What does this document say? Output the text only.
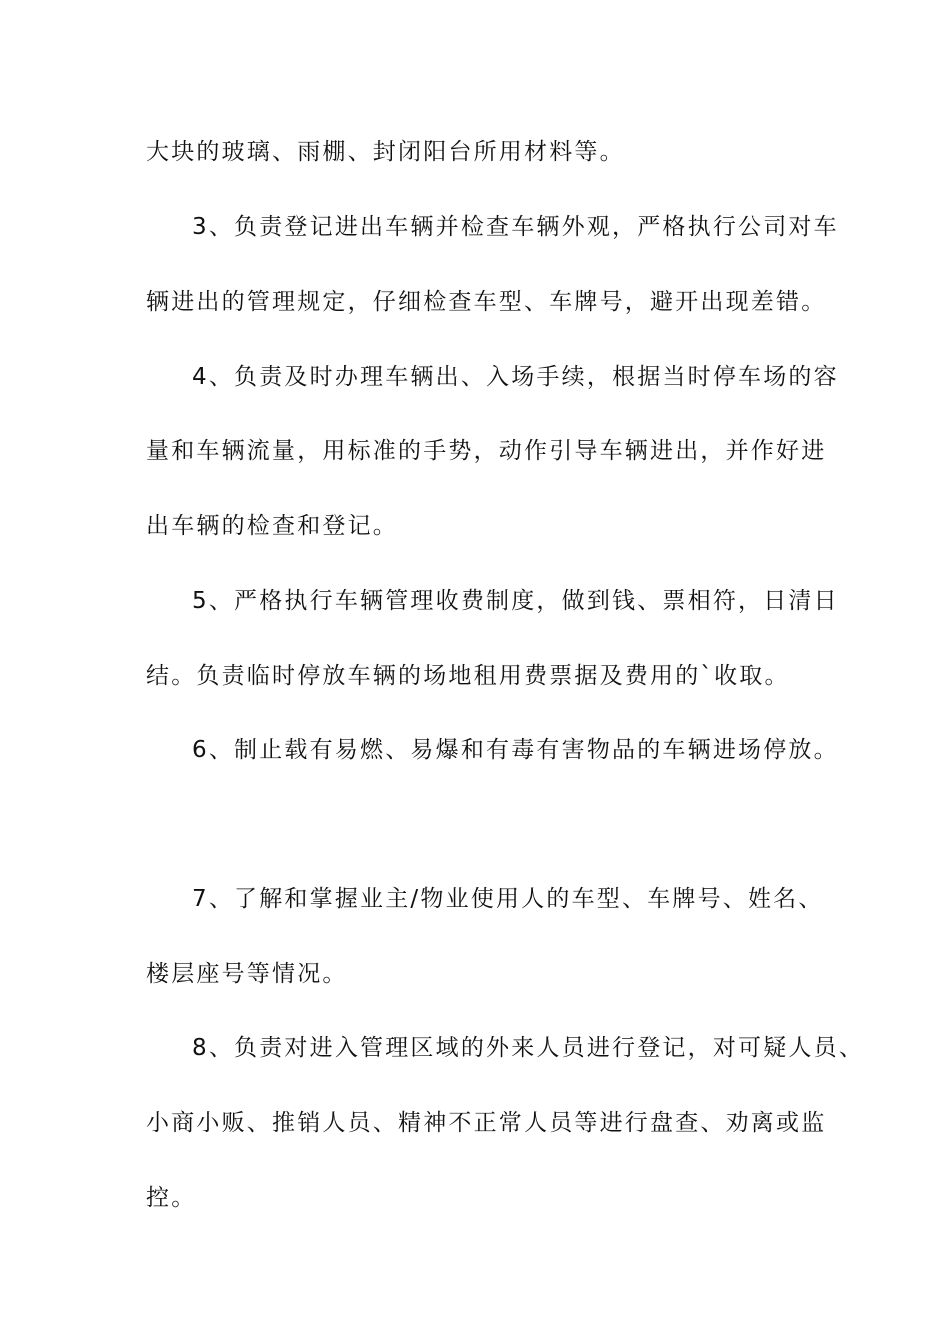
大块的玻璃、雨棚、封闭阳台所用材料等。
3、负责登记进出车辆并检查车辆外观，严格执行公司对车
辆进出的管理规定，仔细检查车型、车牌号，避开出现差错。
4、负责及时办理车辆出、入场手续，根据当时停车场的容
量和车辆流量，用标准的手势，动作引导车辆进出，并作好进
出车辆的检查和登记。
5、严格执行车辆管理收费制度，做到钱、票相符，日清日
结。负责临时停放车辆的场地租用费票据及费用的`收取。
6、制止载有易燃、易爆和有毒有害物品的车辆进场停放。
7、了解和掌握业主/物业使用人的车型、车牌号、姓名、
楼层座号等情况。
8、负责对进入管理区域的外来人员进行登记，对可疑人员、
小商小贩、推销人员、精神不正常人员等进行盘查、劝离或监
控。
